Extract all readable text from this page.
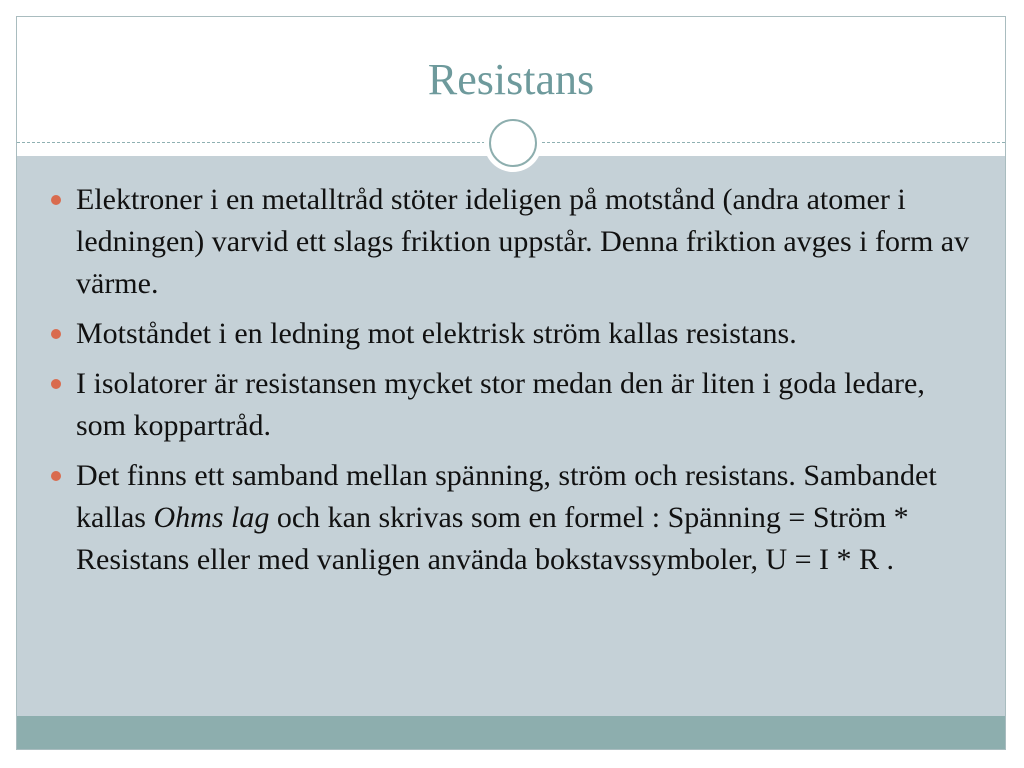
Resistans
Elektroner i en metalltråd stöter ideligen på motstånd (andra atomer i ledningen) varvid ett slags friktion uppstår. Denna friktion avges i form av värme.
Motståndet i en ledning mot elektrisk ström kallas resistans.
I isolatorer är resistansen mycket stor medan den är liten i goda ledare, som koppartråd.
Det finns ett samband mellan spänning, ström och resistans. Sambandet kallas Ohms lag och kan skrivas som en formel : Spänning = Ström * Resistans eller med vanligen använda bokstavssymboler, U = I * R .
